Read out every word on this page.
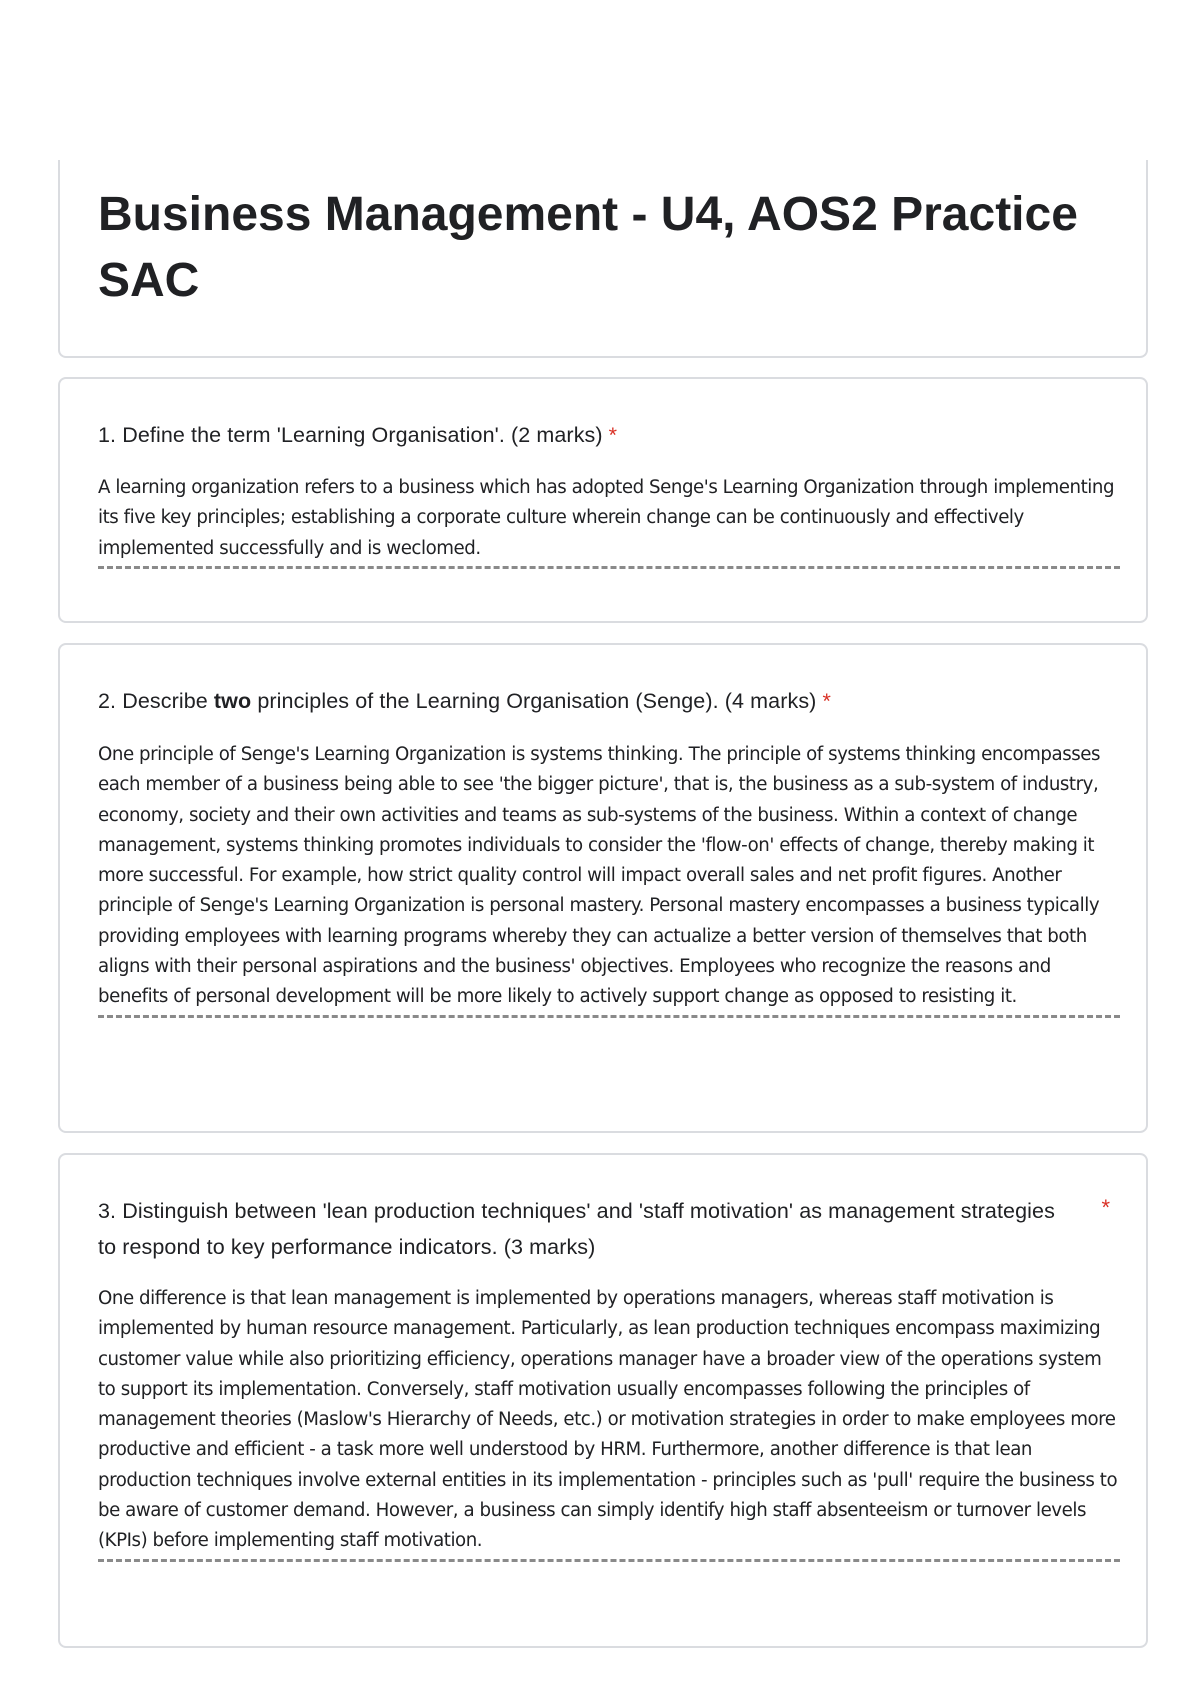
Business Management - U4, AOS2 Practice SAC
1. Define the term 'Learning Organisation'. (2 marks) *
A learning organization refers to a business which has adopted Senge's Learning Organization through implementing its five key principles; establishing a corporate culture wherein change can be continuously and effectively implemented successfully and is weclomed.
2. Describe two principles of the Learning Organisation (Senge). (4 marks) *
One principle of Senge's Learning Organization is systems thinking. The principle of systems thinking encompasses each member of a business being able to see 'the bigger picture', that is, the business as a sub-system of industry, economy, society and their own activities and teams as sub-systems of the business. Within a context of change management, systems thinking promotes individuals to consider the 'flow-on' effects of change, thereby making it more successful. For example, how strict quality control will impact overall sales and net profit figures. Another principle of Senge's Learning Organization is personal mastery. Personal mastery encompasses a business typically providing employees with learning programs whereby they can actualize a better version of themselves that both aligns with their personal aspirations and the business' objectives. Employees who recognize the reasons and benefits of personal development will be more likely to actively support change as opposed to resisting it.
3. Distinguish between 'lean production techniques' and 'staff motivation' as management strategies to respond to key performance indicators. (3 marks)
*
One difference is that lean management is implemented by operations managers, whereas staff motivation is implemented by human resource management. Particularly, as lean production techniques encompass maximizing customer value while also prioritizing efficiency, operations manager have a broader view of the operations system to support its implementation. Conversely, staff motivation usually encompasses following the principles of management theories (Maslow's Hierarchy of Needs, etc.) or motivation strategies in order to make employees more productive and efficient - a task more well understood by HRM. Furthermore, another difference is that lean production techniques involve external entities in its implementation - principles such as 'pull' require the business to be aware of customer demand. However, a business can simply identify high staff absenteeism or turnover levels (KPIs) before implementing staff motivation.
